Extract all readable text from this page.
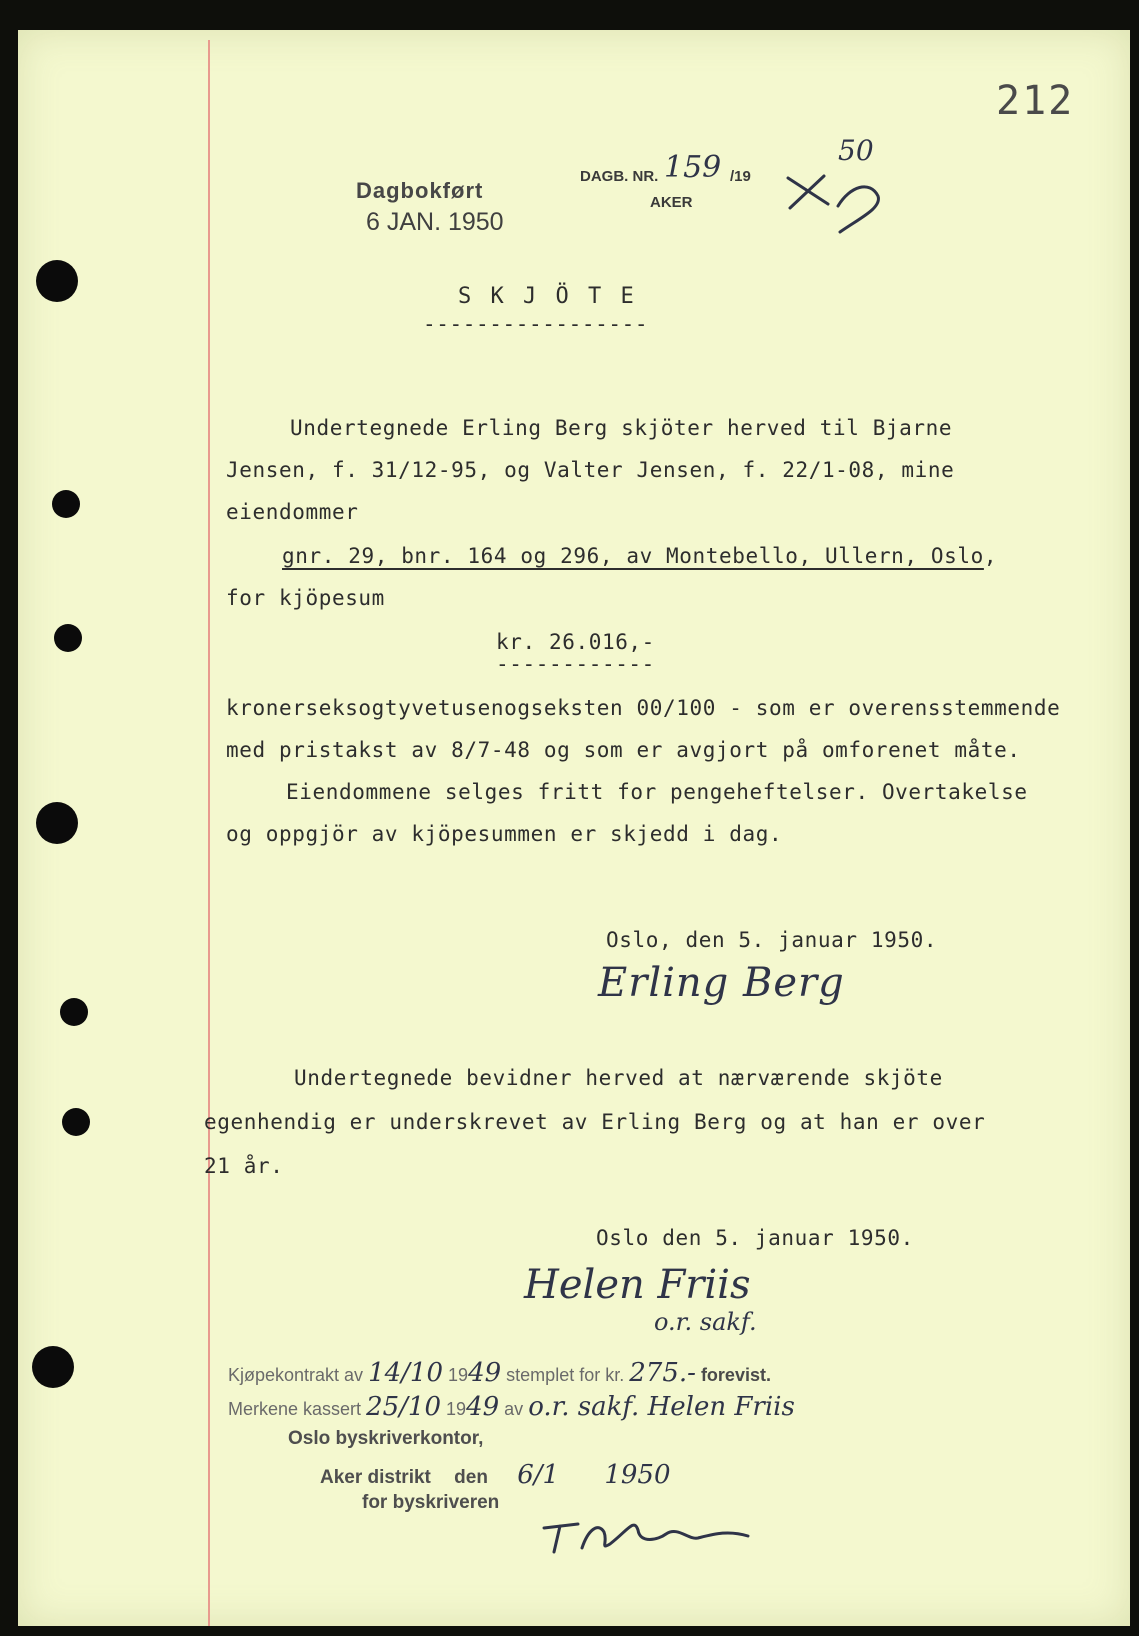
212
DAGB. NR. 159 /19
50
AKER
Dagbokført
6 JAN. 1950
S K J Ö T E
-----------------
Undertegnede Erling Berg skjöter herved til Bjarne
Jensen, f. 31/12-95, og Valter Jensen, f. 22/1-08, mine
eiendommer
gnr. 29, bnr. 164 og 296, av Montebello, Ullern, Oslo,
for kjöpesum
kr. 26.016,-
------------
kronerseksogtyvetusenogseksten 00/100 - som er overensstemmende
med pristakst av 8/7-48 og som er avgjort på omforenet måte.
Eiendommene selges fritt for pengeheftelser. Overtakelse
og oppgjör av kjöpesummen er skjedd i dag.
Oslo, den 5. januar 1950.
Erling Berg
Undertegnede bevidner herved at nærværende skjöte
egenhendig er underskrevet av Erling Berg og at han er over
21 år.
Oslo den 5. januar 1950.
Helen Friis
o.r. sakf.
Kjøpekontrakt av 14/10 1949 stemplet for kr. 275.- forevist.
Merkene kassert 25/10 1949 av o.r. sakf. Helen Friis
Oslo byskriverkontor,
Aker distrikt den 6/1 1950
for byskriveren
